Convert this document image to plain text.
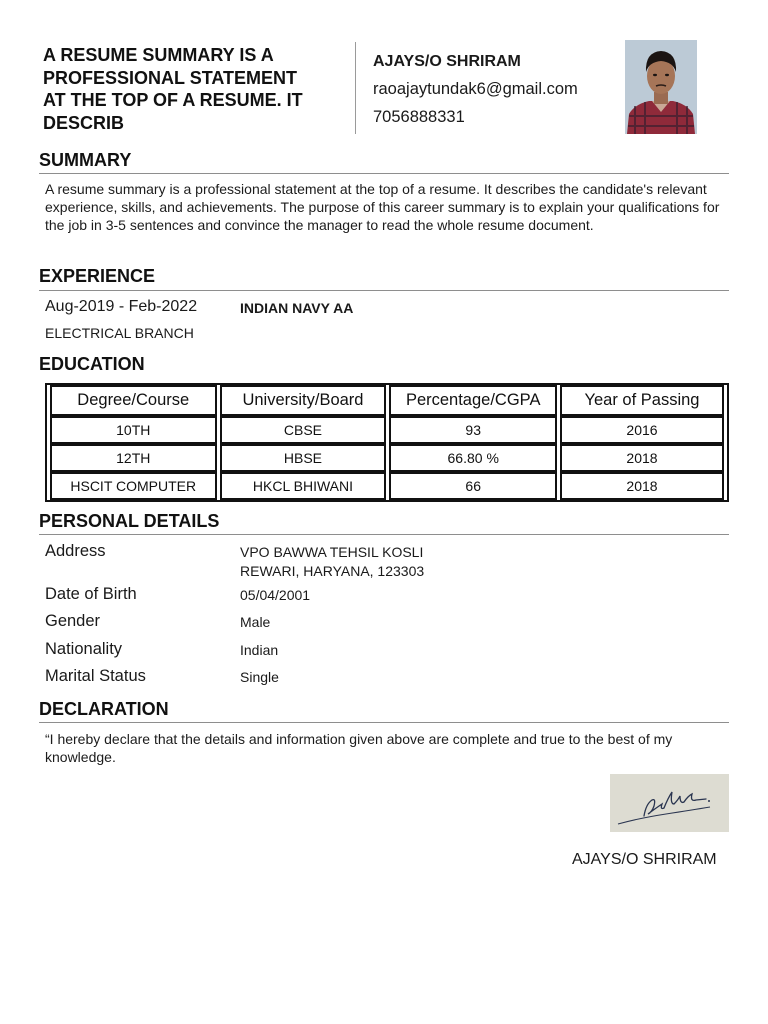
A RESUME SUMMARY IS A
PROFESSIONAL STATEMENT
AT THE TOP OF A RESUME. IT
DESCRIB
AJAYS/O SHRIRAM
raoajaytundak6@gmail.com
7056888331
SUMMARY
A resume summary is a professional statement at the top of a resume. It describes the candidate's relevant experience, skills, and achievements. The purpose of this career summary is to explain your qualifications for the job in 3-5 sentences and convince the manager to read the whole resume document.
EXPERIENCE
Aug-2019 - Feb-2022	INDIAN NAVY AA
ELECTRICAL BRANCH
EDUCATION
Degree/Course	University/Board	Percentage/CGPA	Year of Passing
10TH	CBSE	93	2016
12TH	HBSE	66.80 %	2018
HSCIT COMPUTER	HKCL BHIWANI	66	2018
PERSONAL DETAILS
Address	VPO BAWWA TEHSIL KOSLI
REWARI, HARYANA, 123303
Date of Birth	05/04/2001
Gender	Male
Nationality	Indian
Marital Status	Single
DECLARATION
“I hereby declare that the details and information given above are complete and true to the best of my knowledge.
AJAYS/O SHRIRAM
